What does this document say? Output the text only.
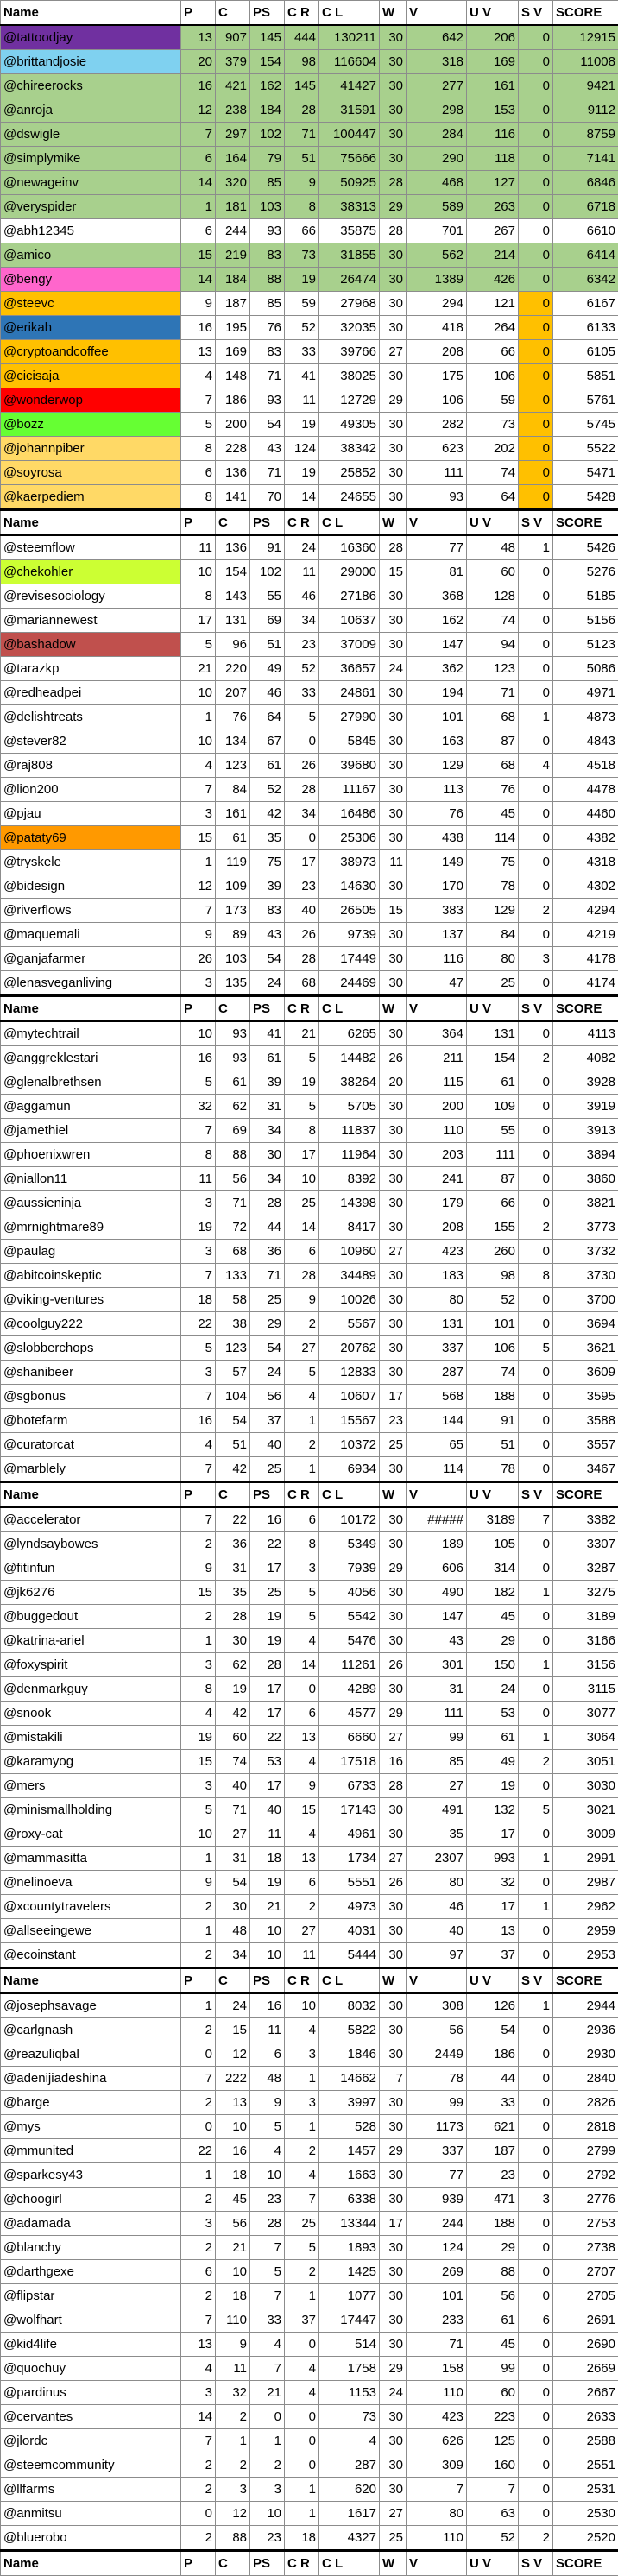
Name	P	C	PS	C R	C L	W	V	U V	S V	SCORE
@tattoodjay	13	907	145	444	130211	30	642	206	0	12915
@brittandjosie	20	379	154	98	116604	30	318	169	0	11008
@chireerocks	16	421	162	145	41427	30	277	161	0	9421
@anroja	12	238	184	28	31591	30	298	153	0	9112
@dswigle	7	297	102	71	100447	30	284	116	0	8759
@simplymike	6	164	79	51	75666	30	290	118	0	7141
@newageinv	14	320	85	9	50925	28	468	127	0	6846
@veryspider	1	181	103	8	38313	29	589	263	0	6718
@abh12345	6	244	93	66	35875	28	701	267	0	6610
@amico	15	219	83	73	31855	30	562	214	0	6414
@bengy	14	184	88	19	26474	30	1389	426	0	6342
@steevc	9	187	85	59	27968	30	294	121	0	6167
@erikah	16	195	76	52	32035	30	418	264	0	6133
@cryptoandcoffee	13	169	83	33	39766	27	208	66	0	6105
@cicisaja	4	148	71	41	38025	30	175	106	0	5851
@wonderwop	7	186	93	11	12729	29	106	59	0	5761
@bozz	5	200	54	19	49305	30	282	73	0	5745
@johannpiber	8	228	43	124	38342	30	623	202	0	5522
@soyrosa	6	136	71	19	25852	30	111	74	0	5471
@kaerpediem	8	141	70	14	24655	30	93	64	0	5428
Name	P	C	PS	C R	C L	W	V	U V	S V	SCORE
@steemflow	11	136	91	24	16360	28	77	48	1	5426
@chekohler	10	154	102	11	29000	15	81	60	0	5276
@revisesociology	8	143	55	46	27186	30	368	128	0	5185
@mariannewest	17	131	69	34	10637	30	162	74	0	5156
@bashadow	5	96	51	23	37009	30	147	94	0	5123
@tarazkp	21	220	49	52	36657	24	362	123	0	5086
@redheadpei	10	207	46	33	24861	30	194	71	0	4971
@delishtreats	1	76	64	5	27990	30	101	68	1	4873
@stever82	10	134	67	0	5845	30	163	87	0	4843
@raj808	4	123	61	26	39680	30	129	68	4	4518
@lion200	7	84	52	28	11167	30	113	76	0	4478
@pjau	3	161	42	34	16486	30	76	45	0	4460
@pataty69	15	61	35	0	25306	30	438	114	0	4382
@tryskele	1	119	75	17	38973	11	149	75	0	4318
@bidesign	12	109	39	23	14630	30	170	78	0	4302
@riverflows	7	173	83	40	26505	15	383	129	2	4294
@maquemali	9	89	43	26	9739	30	137	84	0	4219
@ganjafarmer	26	103	54	28	17449	30	116	80	3	4178
@lenasveganliving	3	135	24	68	24469	30	47	25	0	4174
Name	P	C	PS	C R	C L	W	V	U V	S V	SCORE
@mytechtrail	10	93	41	21	6265	30	364	131	0	4113
@anggreklestari	16	93	61	5	14482	26	211	154	2	4082
@glenalbrethsen	5	61	39	19	38264	20	115	61	0	3928
@aggamun	32	62	31	5	5705	30	200	109	0	3919
@jamethiel	7	69	34	8	11837	30	110	55	0	3913
@phoenixwren	8	88	30	17	11964	30	203	111	0	3894
@niallon11	11	56	34	10	8392	30	241	87	0	3860
@aussieninja	3	71	28	25	14398	30	179	66	0	3821
@mrnightmare89	19	72	44	14	8417	30	208	155	2	3773
@paulag	3	68	36	6	10960	27	423	260	0	3732
@abitcoinskeptic	7	133	71	28	34489	30	183	98	8	3730
@viking-ventures	18	58	25	9	10026	30	80	52	0	3700
@coolguy222	22	38	29	2	5567	30	131	101	0	3694
@slobberchops	5	123	54	27	20762	30	337	106	5	3621
@shanibeer	3	57	24	5	12833	30	287	74	0	3609
@sgbonus	7	104	56	4	10607	17	568	188	0	3595
@botefarm	16	54	37	1	15567	23	144	91	0	3588
@curatorcat	4	51	40	2	10372	25	65	51	0	3557
@marblely	7	42	25	1	6934	30	114	78	0	3467
Name	P	C	PS	C R	C L	W	V	U V	S V	SCORE
@accelerator	7	22	16	6	10172	30	#####	3189	7	3382
@lyndsaybowes	2	36	22	8	5349	30	189	105	0	3307
@fitinfun	9	31	17	3	7939	29	606	314	0	3287
@jk6276	15	35	25	5	4056	30	490	182	1	3275
@buggedout	2	28	19	5	5542	30	147	45	0	3189
@katrina-ariel	1	30	19	4	5476	30	43	29	0	3166
@foxyspirit	3	62	28	14	11261	26	301	150	1	3156
@denmarkguy	8	19	17	0	4289	30	31	24	0	3115
@snook	4	42	17	6	4577	29	111	53	0	3077
@mistakili	19	60	22	13	6660	27	99	61	1	3064
@karamyog	15	74	53	4	17518	16	85	49	2	3051
@mers	3	40	17	9	6733	28	27	19	0	3030
@minismallholding	5	71	40	15	17143	30	491	132	5	3021
@roxy-cat	10	27	11	4	4961	30	35	17	0	3009
@mammasitta	1	31	18	13	1734	27	2307	993	1	2991
@nelinoeva	9	54	19	6	5551	26	80	32	0	2987
@xcountytravelers	2	30	21	2	4973	30	46	17	1	2962
@allseeingewe	1	48	10	27	4031	30	40	13	0	2959
@ecoinstant	2	34	10	11	5444	30	97	37	0	2953
Name	P	C	PS	C R	C L	W	V	U V	S V	SCORE
@josephsavage	1	24	16	10	8032	30	308	126	1	2944
@carlgnash	2	15	11	4	5822	30	56	54	0	2936
@reazuliqbal	0	12	6	3	1846	30	2449	186	0	2930
@adenijiadeshina	7	222	48	1	14662	7	78	44	0	2840
@barge	2	13	9	3	3997	30	99	33	0	2826
@mys	0	10	5	1	528	30	1173	621	0	2818
@mmunited	22	16	4	2	1457	29	337	187	0	2799
@sparkesy43	1	18	10	4	1663	30	77	23	0	2792
@choogirl	2	45	23	7	6338	30	939	471	3	2776
@adamada	3	56	28	25	13344	17	244	188	0	2753
@blanchy	2	21	7	5	1893	30	124	29	0	2738
@darthgexe	6	10	5	2	1425	30	269	88	0	2707
@flipstar	2	18	7	1	1077	30	101	56	0	2705
@wolfhart	7	110	33	37	17447	30	233	61	6	2691
@kid4life	13	9	4	0	514	30	71	45	0	2690
@quochuy	4	11	7	4	1758	29	158	99	0	2669
@pardinus	3	32	21	4	1153	24	110	60	0	2667
@cervantes	14	2	0	0	73	30	423	223	0	2633
@jlordc	7	1	1	0	4	30	626	125	0	2588
@steemcommunity	2	2	2	0	287	30	309	160	0	2551
@llfarms	2	3	3	1	620	30	7	7	0	2531
@anmitsu	0	12	10	1	1617	27	80	63	0	2530
@bluerobo	2	88	23	18	4327	25	110	52	2	2520
Name	P	C	PS	C R	C L	W	V	U V	S V	SCORE
